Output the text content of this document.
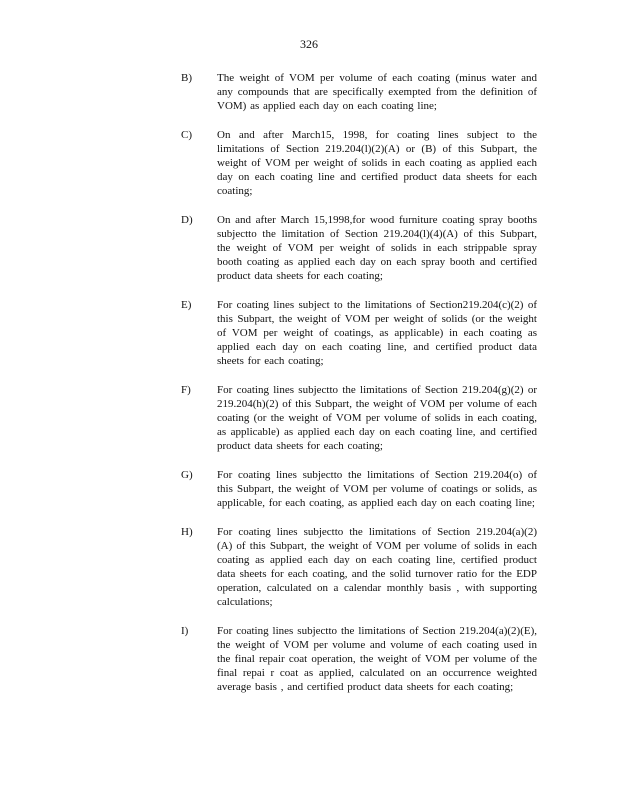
326
B)	The weight of VOM per volume of each coating (minus water and any compounds that are specifically exempted from the definition of VOM) as applied each day on each coating line;
C)	On and after March15, 1998, for coating lines subject to the limitations of Section 219.204(l)(2)(A) or (B) of this Subpart, the weight of VOM per weight of solids in each coating as applied each day on each coating line and certified product data sheets for each coating;
D)	On and after March 15,1998,for wood furniture coating spray booths subjectto the limitation of Section 219.204(l)(4)(A) of this Subpart, the weight of VOM per weight of solids in each strippable spray booth coating as applied each day on each spray booth and certified product data sheets for each coating;
E)	For coating lines subject to the limitations of Section219.204(c)(2) of this Subpart, the weight of VOM per weight of solids (or the weight of VOM per weight of coatings, as applicable) in each coating as applied each day on each coating line, and certified product data sheets for each coating;
F)	For coating lines subjectto the limitations of Section 219.204(g)(2) or 219.204(h)(2) of this Subpart, the weight of VOM per volume of each coating (or the weight of VOM per volume of solids in each coating, as applicable) as applied each day on each coating line, and certified product data sheets for each coating;
G)	For coating lines subjectto the limitations of Section 219.204(o) of this Subpart, the weight of VOM per volume of coatings or solids, as applicable, for each coating, as applied each day on each coating line;
H)	For coating lines subjectto the limitations of Section 219.204(a)(2) (A) of this Subpart, the weight of VOM per volume of solids in each coating as applied each day on each coating line, certified product data sheets for each coating, and the solid turnover ratio for the EDP operation, calculated on a calendar monthly basis , with supporting calculations;
I)	For coating lines subjectto the limitations of Section 219.204(a)(2)(E), the weight of VOM per volume and volume of each coating used in the final repair coat operation, the weight of VOM per volume of the final repai r coat as applied, calculated on an occurrence weighted average basis , and certified product data sheets for each coating;
